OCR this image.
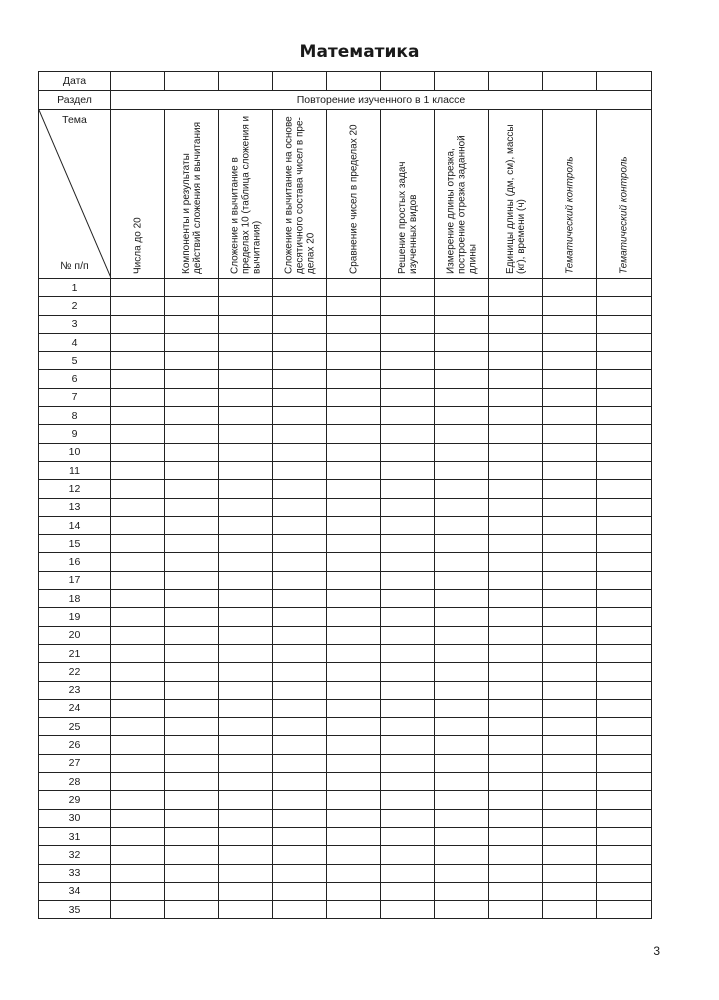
Математика
Дата										
Раздел	Повторение изученного в 1 классе									

Тема
№ п/п	Числа до 20	Компоненты и результаты действий сложения и вычитания	Сложение и вычитание в пределах 10 (таблица сложения и вычитания)	Сложение и вычитание на основе десятичного состава чисел в пре-делах 20	Сравнение чисел в пределах 20	Решение простых задач изученных видов	Измерение длины отрезка, построение отрезка заданной длины	Единицы длины (дм, см), массы (кг), времени (ч)	Тематический контроль	Тематический контроль

1										
2										
3										
4										
5										
6										
7										
8										
9										
10										
11										
12										
13										
14										
15										
16										
17										
18										
19										
20										
21										
22										
23										
24										
25										
26										
27										
28										
29										
30										
31										
32										
33										
34										
35										
3
